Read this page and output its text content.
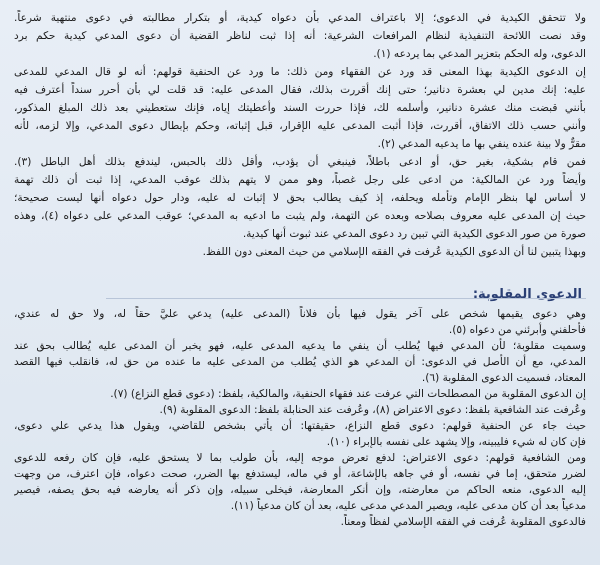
ولا تتحقق الكيدية في الدعوى؛ إلا باعتراف المدعي بأن دعواه كيدية، أو بتكرار مطالبته في دعوى منتهية شرعاً.
وقد نصت اللائحة التنفيذية لنظام المرافعات الشرعية: أنه إذا ثبت لناظر القضية أن دعوى المدعي كيدية حكم برد
الدعوى، وله الحكم بتعزير المدعي بما يردعه (١).
إن الدعوى الكيدية بهذا المعنى قد ورد عن الفقهاء ومن ذلك: ما ورد عن الحنفية قولهم: أنه لو قال المدعي للمدعى
عليه: إنك مدين لي بعشرة دنانير؛ حتى إنك أقررت بذلك، فقال المدعى عليه: قد قلت لي بأن أحرر سنداً أعترف فيه
بأنني قبضت منك عشرة دنانير، وأسلمه لك، فإذا حررت السند وأعطيتك إياه، فإنك ستعطيني بعد ذلك المبلغ المذكور،
وأنني حسب ذلك الاتفاق، أقررت، فإذا أثبت المدعى عليه الإقرار، قبل إثباته، وحكم بإبطال دعوى المدعي، وإلا لزمه، لأنه
مقرٌّ ولا بينة عنده ينفي بها ما يدعيه المدعي (٢).
فمن قام بشكية، بغير حق، أو ادعى باطلاً، فينبغي أن يؤدب، وأقل ذلك بالحبس، ليندفع بذلك أهل الباطل (٣).
وأيضاً ورد عن المالكية: من ادعى على رجل غصباً، وهو ممن لا يتهم بذلك عوقب المدعي، إذا ثبت أن ذلك تهمة
لا أساس لها بنظر الإمام وتأمله ويحلفه، إذ كيف يطالب بحق لا إثبات له عليه، ودار حول دعواه أنها ليست صحيحة؛
حيث إن المدعى عليه معروف بصلاحه وبعده عن التهمة، ولم يثبت ما ادعيه به المدعي؛ عوقب المدعي على دعواه (٤)، وهذه
صورة من صور الدعوى الكيدية التي تبين رد دعوى المدعي عند ثبوت أنها كيدية.
وبهذا يتبين لنا أن الدعوى الكيدية عُرفت في الفقه الإسلامي من حيث المعنى دون اللفظ.
الدعوى المقلوبة:
وهي دعوى يقيمها شخص على آخر يقول فيها بأن فلاناً (المدعى عليه) يدعي عليَّ حقاً له، ولا حق له عندي،
فأحلفني وأبرئني من دعواه (٥).
وسميت مقلوبة؛ لأن المدعي فيها يُطلب أن ينفي ما يدعيه المدعى عليه، فهو يخبر أن المدعى عليه يُطالب بحق عند
المدعي، مع أن الأصل في الدعوى: أن المدعي هو الذي يُطلب من المدعى عليه ما عنده من حق له، فانقلب فيها القصد
المعتاد، فسميت الدعوى المقلوبة (٦).
إن الدعوى المقلوبة من المصطلحات التي عرفت عند فقهاء الحنفية، والمالكية، بلفظ: (دعوى قطع النزاع) (٧).
وعُرفت عند الشافعية بلفظ: دعوى الاعتراض (٨)، وعُرفت عند الحنابلة بلفظ: الدعوى المقلوبة (٩).
حيث جاء عن الحنفية قولهم: دعوى قطع النزاع، حقيقتها: أن يأتي بشخص للقاضي، ويقول هذا يدعي علي دعوى،
فإن كان له شيء فليبينه، وإلا يشهد على نفسه بالإبراء (١٠).
ومن الشافعية قولهم: دعوى الاعتراض: لدفع تعرض موجه إليه، بأن طولب بما لا يستحق عليه، فإن كان رفعه للدعوى
لضرر متحقق، إما في نفسه، أو في جاهه بالإشاعة، أو في ماله، ليستدفع بها الضرر، صحت دعواه، فإن اعترف، من وجهت
إليه الدعوى، منعه الحاكم من معارضته، وإن أنكر المعارضة، فيخلى سبيله، وإن ذكر أنه يعارضه فيه بحق يصفه، فيصير
مدعياً بعد أن كان مدعى عليه، ويصير المدعي مدعى عليه، بعد أن كان مدعياً (١١).
فالدعوى المقلوبة عُرفت في الفقه الإسلامي لفظاً ومعناً.
